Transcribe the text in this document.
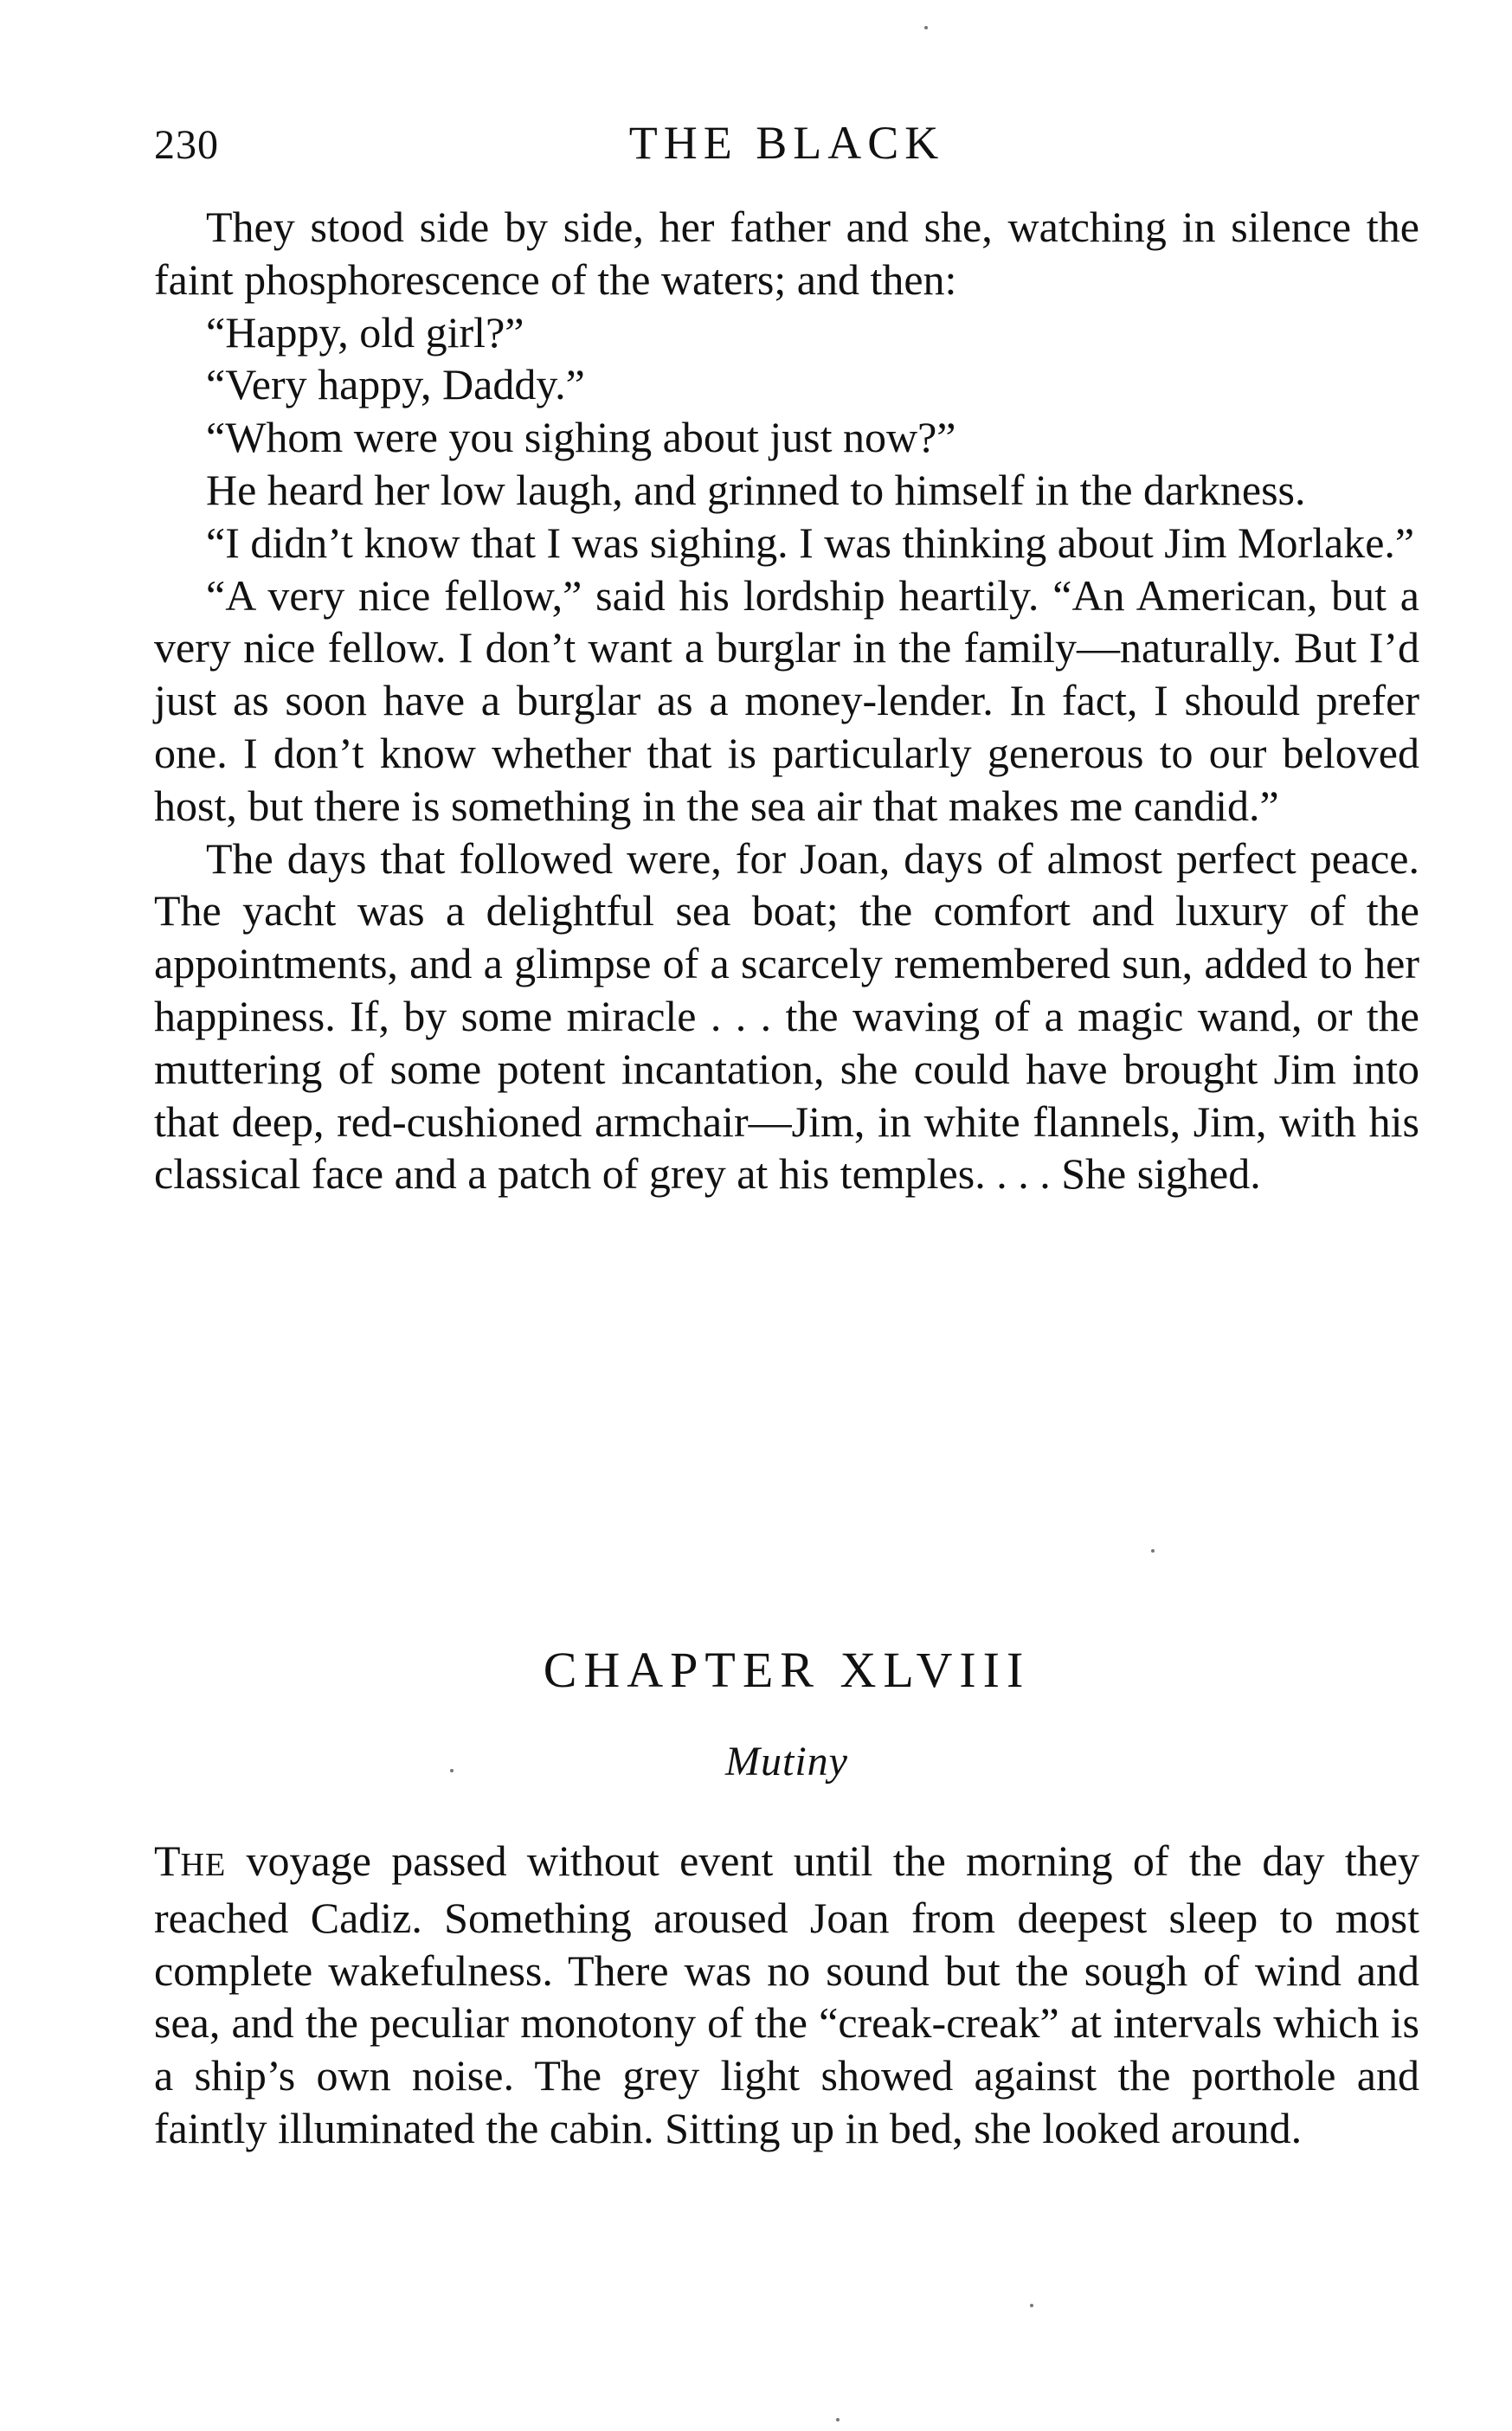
230	THE BLACK

They stood side by side, her father and she, watching in silence the faint phosphorescence of the waters; and then:

“Happy, old girl?”

“Very happy, Daddy.”

“Whom were you sighing about just now?”

He heard her low laugh, and grinned to himself in the darkness.

“I didn’t know that I was sighing. I was thinking about Jim Morlake.”

“A very nice fellow,” said his lordship heartily. “An American, but a very nice fellow. I don’t want a burglar in the family—naturally. But I’d just as soon have a burglar as a money-lender. In fact, I should prefer one. I don’t know whether that is particularly generous to our beloved host, but there is something in the sea air that makes me candid.”

The days that followed were, for Joan, days of almost perfect peace. The yacht was a delightful sea boat; the comfort and luxury of the appointments, and a glimpse of a scarcely remembered sun, added to her happiness. If, by some miracle . . . the waving of a magic wand, or the muttering of some potent incantation, she could have brought Jim into that deep, red-cushioned armchair—Jim, in white flannels, Jim, with his classical face and a patch of grey at his temples. . . . She sighed.

CHAPTER XLVIII
Mutiny

THE voyage passed without event until the morning of the day they reached Cadiz. Something aroused Joan from deepest sleep to most complete wakefulness. There was no sound but the sough of wind and sea, and the peculiar monotony of the “creak-creak” at intervals which is a ship’s own noise. The grey light showed against the porthole and faintly illuminated the cabin. Sitting up in bed, she looked around.
